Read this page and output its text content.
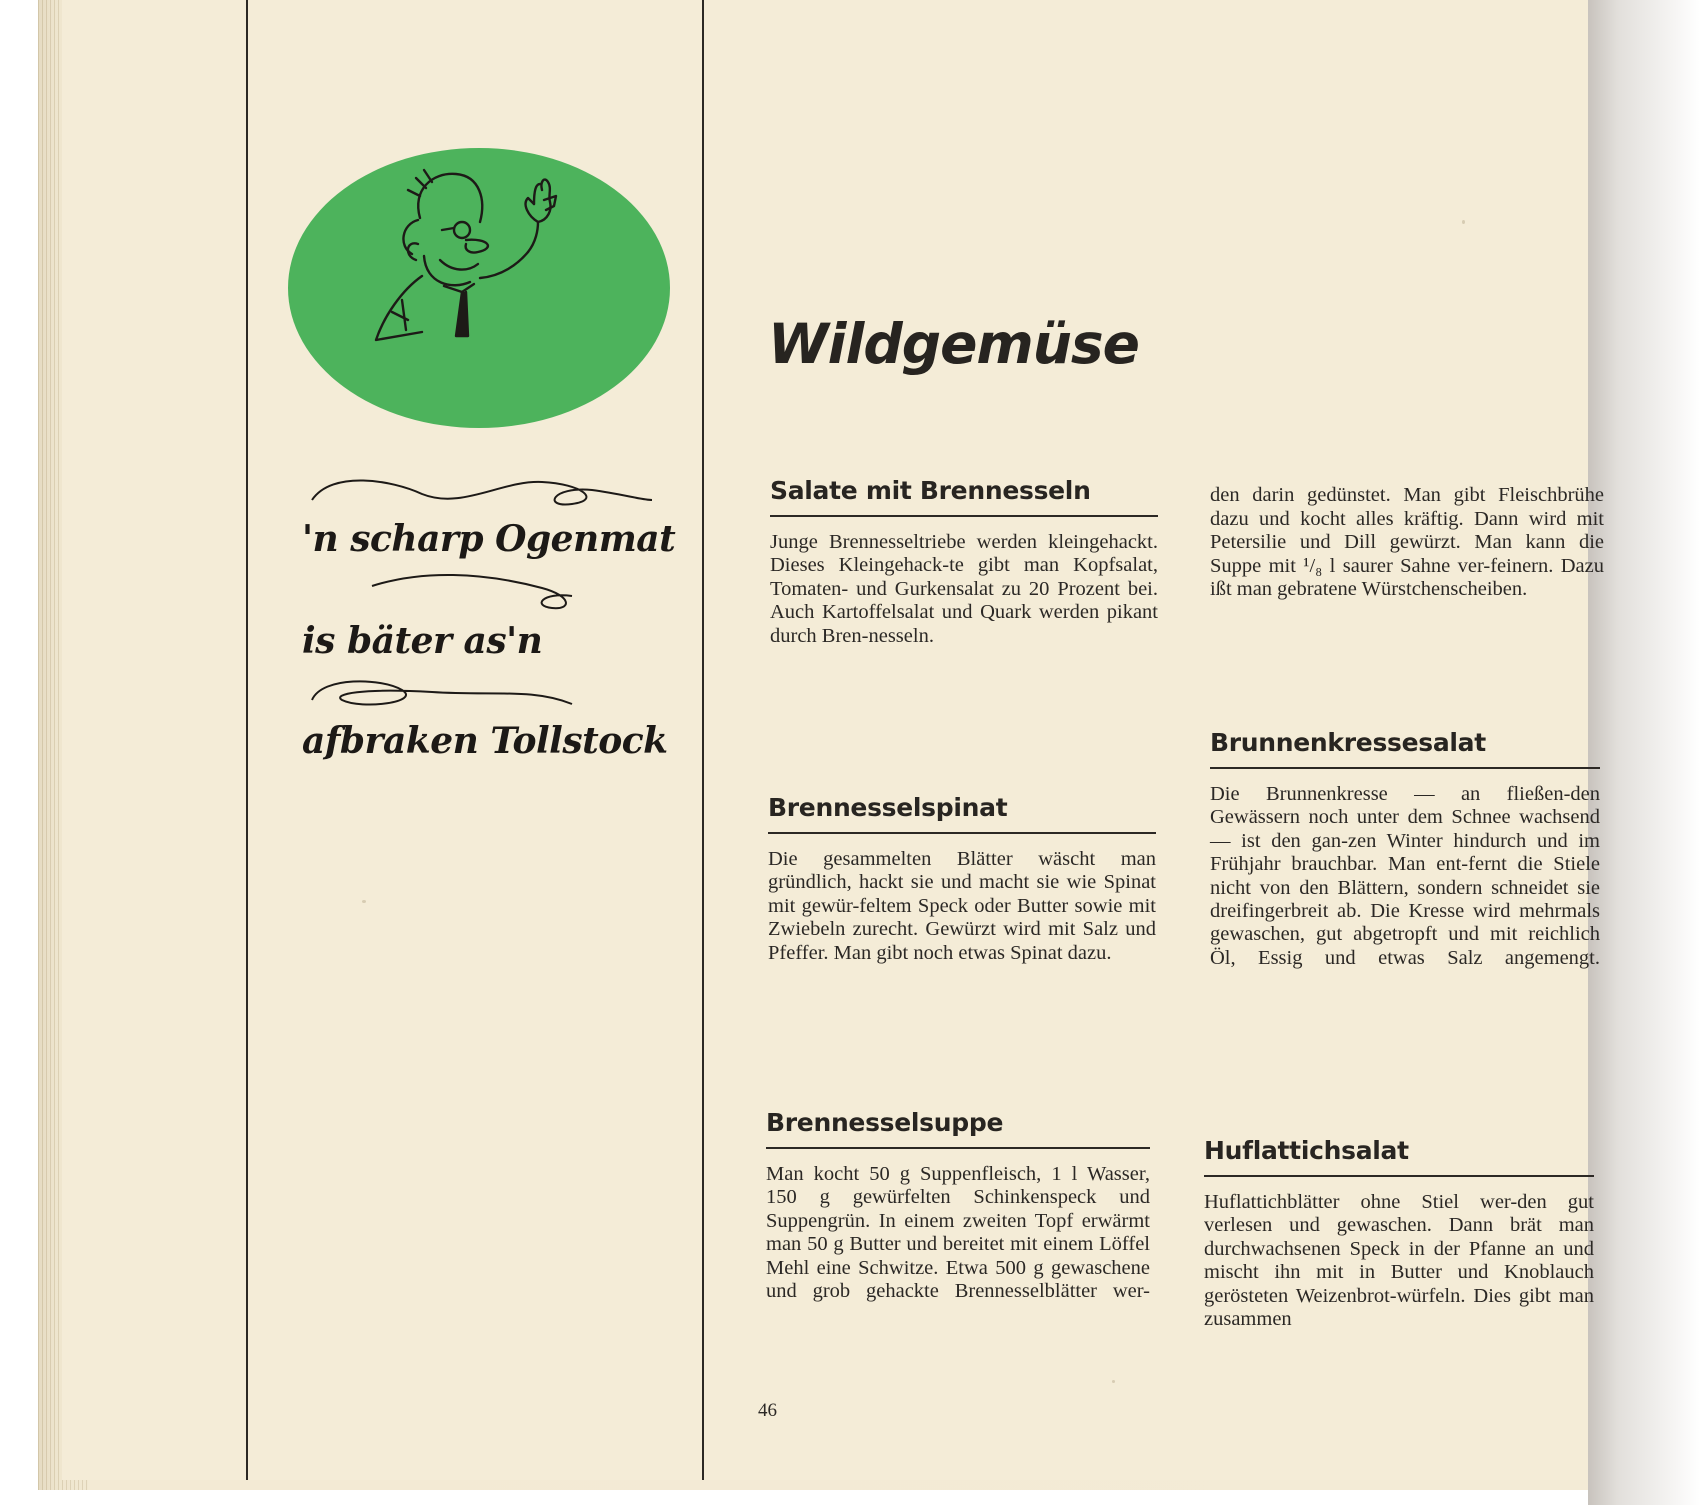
'n scharp Ogenmat
is bäter as'n
afbraken Tollstock
Wildgemüse
Salate mit Brennesseln

Junge Brennesseltriebe werden kleingehackt. Dieses Kleingehack-te gibt man Kopfsalat, Tomaten- und Gurkensalat zu 20 Prozent bei. Auch Kartoffelsalat und Quark werden pikant durch Bren-nesseln.

Brennesselspinat

Die gesammelten Blätter wäscht man gründlich, hackt sie und macht sie wie Spinat mit gewür-feltem Speck oder Butter sowie mit Zwiebeln zurecht. Gewürzt wird mit Salz und Pfeffer. Man gibt noch etwas Spinat dazu.

Brennesselsuppe

Man kocht 50 g Suppenfleisch, 1 l Wasser, 150 g gewürfelten Schinkenspeck und Suppengrün. In einem zweiten Topf erwärmt man 50 g Butter und bereitet mit einem Löffel Mehl eine Schwitze. Etwa 500 g gewaschene und grob gehackte Brennesselblätter wer-

den darin gedünstet. Man gibt Fleischbrühe dazu und kocht alles kräftig. Dann wird mit Petersilie und Dill gewürzt. Man kann die Suppe mit ¹/₈ l saurer Sahne ver-feinern. Dazu ißt man gebratene Würstchenscheiben.

Brunnenkressesalat

Die Brunnenkresse — an fließen-den Gewässern noch unter dem Schnee wachsend — ist den gan-zen Winter hindurch und im Frühjahr brauchbar. Man ent-fernt die Stiele nicht von den Blättern, sondern schneidet sie dreifingerbreit ab. Die Kresse wird mehrmals gewaschen, gut abgetropft und mit reichlich Öl, Essig und etwas Salz angemengt.

Huflattichsalat

Huflattichblätter ohne Stiel wer-den gut verlesen und gewaschen. Dann brät man durchwachsenen Speck in der Pfanne an und mischt ihn mit in Butter und Knoblauch gerösteten Weizenbrot-würfeln. Dies gibt man zusammen

46
